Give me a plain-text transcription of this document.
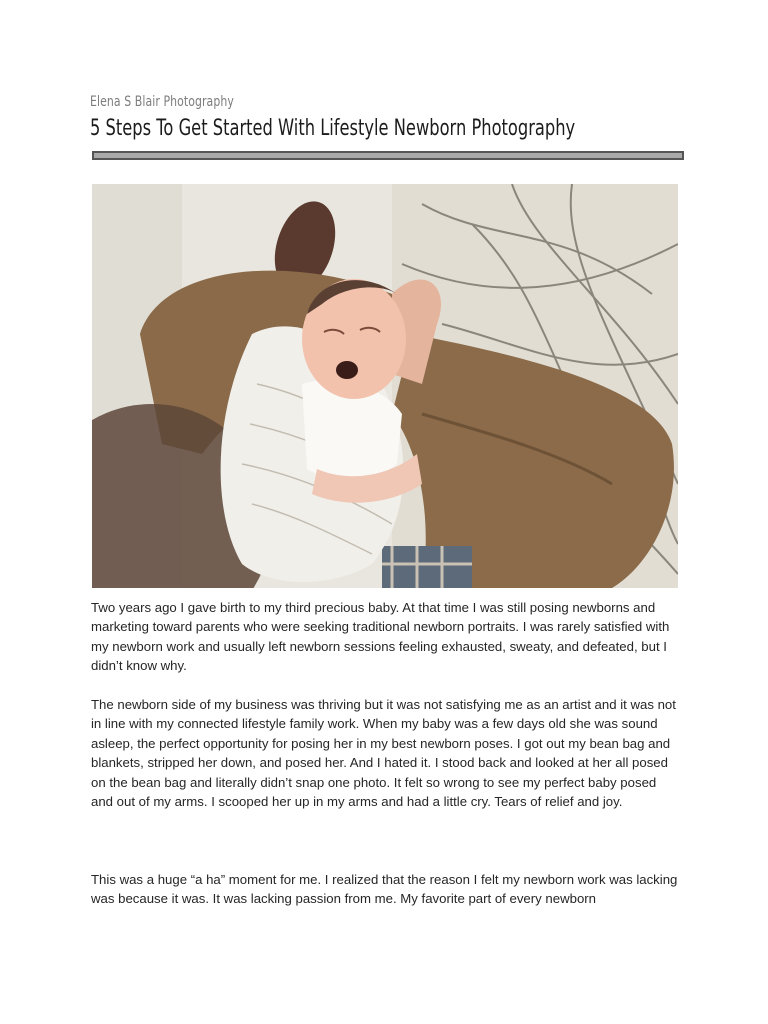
Elena S Blair Photography
5 Steps To Get Started With Lifestyle Newborn Photography

Two years ago I gave birth to my third precious baby. At that time I was still posing newborns and marketing toward parents who were seeking traditional newborn portraits. I was rarely satisfied with my newborn work and usually left newborn sessions feeling exhausted, sweaty, and defeated, but I didn’t know why.

The newborn side of my business was thriving but it was not satisfying me as an artist and it was not in line with my connected lifestyle family work. When my baby was a few days old she was sound asleep, the perfect opportunity for posing her in my best newborn poses. I got out my bean bag and blankets, stripped her down, and posed her. And I hated it. I stood back and looked at her all posed on the bean bag and literally didn’t snap one photo. It felt so wrong to see my perfect baby posed and out of my arms. I scooped her up in my arms and had a little cry. Tears of relief and joy.

This was a huge “a ha” moment for me. I realized that the reason I felt my newborn work was lacking was because it was. It was lacking passion from me. My favorite part of every newborn
